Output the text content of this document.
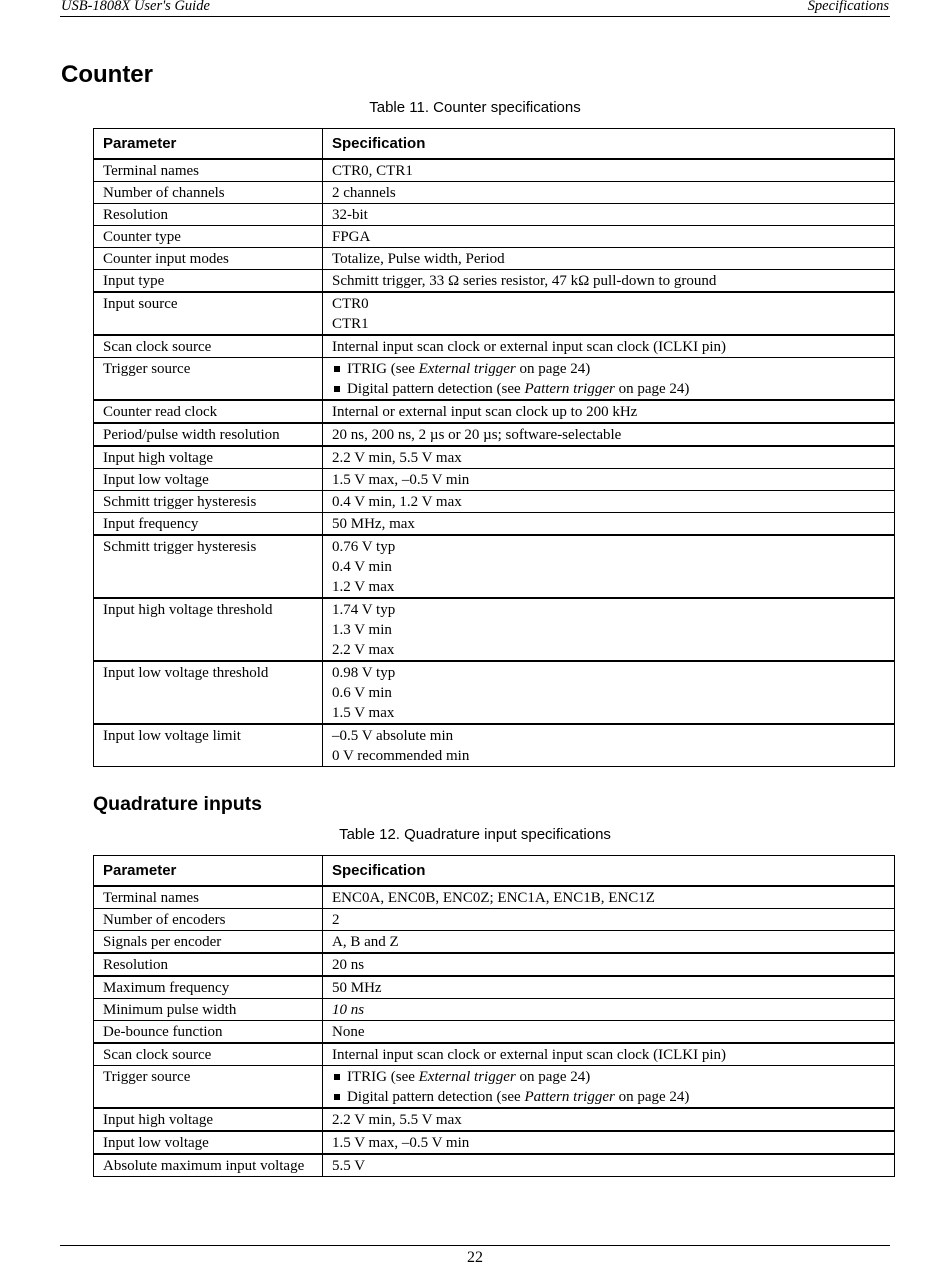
USB-1808X User's Guide	Specifications
Counter
Table 11. Counter specifications
Parameter	Specification
Terminal names	CTR0, CTR1

Number of channels	2 channels

Resolution	32-bit

Counter type	FPGA

Counter input modes	Totalize, Pulse width, Period

Input type	Schmitt trigger, 33 Ω series resistor, 47 kΩ pull-down to ground

Input source	CTR0
CTR1

Scan clock source	Internal input scan clock or external input scan clock (ICLKI pin)

Trigger source	ITRIG (see External trigger on page 24)
Digital pattern detection (see Pattern trigger on page 24)

Counter read clock	Internal or external input scan clock up to 200 kHz

Period/pulse width resolution	20 ns, 200 ns, 2 µs or 20 µs; software-selectable

Input high voltage	2.2 V min, 5.5 V max

Input low voltage	1.5 V max, –0.5 V min

Schmitt trigger hysteresis	0.4 V min, 1.2 V max

Input frequency	50 MHz, max

Schmitt trigger hysteresis	0.76 V typ
0.4 V min
1.2 V max

Input high voltage threshold	1.74 V typ
1.3 V min
2.2 V max

Input low voltage threshold	0.98 V typ
0.6 V min
1.5 V max

Input low voltage limit	–0.5 V absolute min
0 V recommended min
Quadrature inputs
Table 12. Quadrature input specifications
Parameter	Specification
Terminal names	ENC0A, ENC0B, ENC0Z; ENC1A, ENC1B, ENC1Z

Number of encoders	2

Signals per encoder	A, B and Z

Resolution	20 ns

Maximum frequency	50 MHz

Minimum pulse width	10 ns

De-bounce function	None

Scan clock source	Internal input scan clock or external input scan clock (ICLKI pin)

Trigger source	ITRIG (see External trigger on page 24)
Digital pattern detection (see Pattern trigger on page 24)

Input high voltage	2.2 V min, 5.5 V max

Input low voltage	1.5 V max, –0.5 V min

Absolute maximum input voltage	5.5 V
22
